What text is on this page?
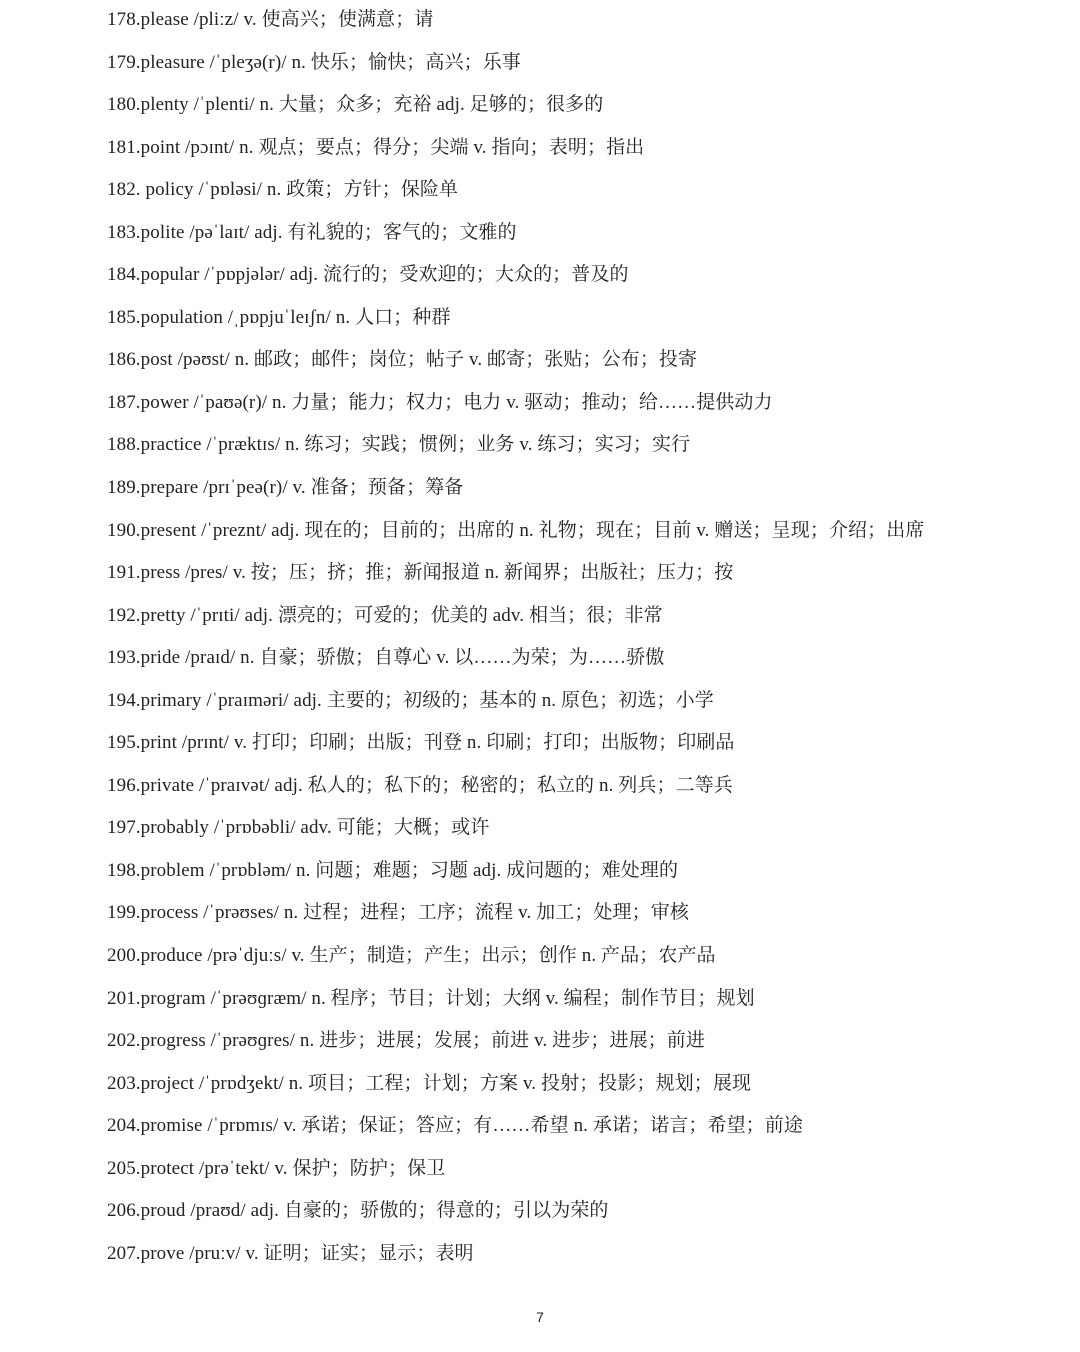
178.please /pliːz/ v. 使高兴；使满意；请
179.pleasure /ˈpleʒə(r)/ n. 快乐；愉快；高兴；乐事
180.plenty /ˈplenti/ n. 大量；众多；充裕 adj. 足够的；很多的
181.point /pɔɪnt/ n. 观点；要点；得分；尖端 v. 指向；表明；指出
182. policy /ˈpɒləsi/ n. 政策；方针；保险单
183.polite /pəˈlaɪt/ adj. 有礼貌的；客气的；文雅的
184.popular /ˈpɒpjələr/ adj. 流行的；受欢迎的；大众的；普及的
185.population /ˌpɒpjuˈleɪʃn/ n. 人口；种群
186.post /pəʊst/ n. 邮政；邮件；岗位；帖子 v. 邮寄；张贴；公布；投寄
187.power /ˈpaʊə(r)/ n. 力量；能力；权力；电力 v. 驱动；推动；给……提供动力
188.practice /ˈpræktɪs/ n. 练习；实践；惯例；业务 v. 练习；实习；实行
189.prepare /prɪˈpeə(r)/ v. 准备；预备；筹备
190.present /ˈpreznt/ adj. 现在的；目前的；出席的 n. 礼物；现在；目前 v. 赠送；呈现；介绍；出席
191.press /pres/ v. 按；压；挤；推；新闻报道 n. 新闻界；出版社；压力；按
192.pretty /ˈprɪti/ adj. 漂亮的；可爱的；优美的 adv. 相当；很；非常
193.pride /praɪd/ n. 自豪；骄傲；自尊心 v. 以……为荣；为……骄傲
194.primary /ˈpraɪməri/ adj. 主要的；初级的；基本的 n. 原色；初选；小学
195.print /prɪnt/ v. 打印；印刷；出版；刊登 n. 印刷；打印；出版物；印刷品
196.private /ˈpraɪvət/ adj. 私人的；私下的；秘密的；私立的 n. 列兵；二等兵
197.probably /ˈprɒbəbli/ adv. 可能；大概；或许
198.problem /ˈprɒbləm/ n. 问题；难题；习题 adj. 成问题的；难处理的
199.process /ˈprəʊses/ n. 过程；进程；工序；流程 v. 加工；处理；审核
200.produce /prəˈdjuːs/ v. 生产；制造；产生；出示；创作 n. 产品；农产品
201.program /ˈprəʊɡræm/ n. 程序；节目；计划；大纲 v. 编程；制作节目；规划
202.progress /ˈprəʊɡres/ n. 进步；进展；发展；前进 v. 进步；进展；前进
203.project /ˈprɒdʒekt/ n. 项目；工程；计划；方案 v. 投射；投影；规划；展现
204.promise /ˈprɒmɪs/ v. 承诺；保证；答应；有……希望 n. 承诺；诺言；希望；前途
205.protect /prəˈtekt/ v. 保护；防护；保卫
206.proud /praʊd/ adj. 自豪的；骄傲的；得意的；引以为荣的
207.prove /pruːv/ v. 证明；证实；显示；表明
7
